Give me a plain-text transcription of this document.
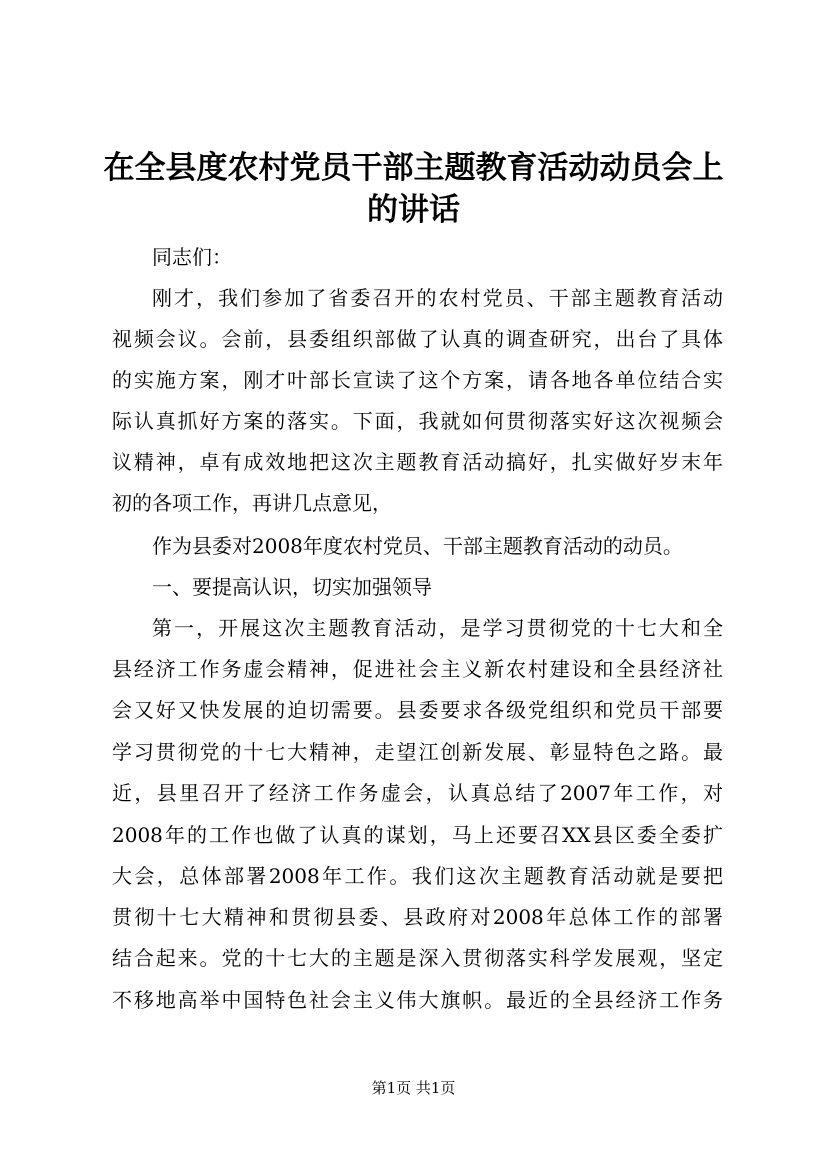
在全县度农村党员干部主题教育活动动员会上
的讲话
同志们：
刚才，我们参加了省委召开的农村党员、干部主题教育活动
视频会议。会前，县委组织部做了认真的调查研究，出台了具体
的实施方案，刚才叶部长宣读了这个方案，请各地各单位结合实
际认真抓好方案的落实。下面，我就如何贯彻落实好这次视频会
议精神，卓有成效地把这次主题教育活动搞好，扎实做好岁末年
初的各项工作，再讲几点意见，
作为县委对2008年度农村党员、干部主题教育活动的动员。
一、要提高认识，切实加强领导
第一，开展这次主题教育活动，是学习贯彻党的十七大和全
县经济工作务虚会精神，促进社会主义新农村建设和全县经济社
会又好又快发展的迫切需要。县委要求各级党组织和党员干部要
学习贯彻党的十七大精神，走望江创新发展、彰显特色之路。最
近，县里召开了经济工作务虚会，认真总结了2007年工作，对
2008年的工作也做了认真的谋划，马上还要召XX县区委全委扩
大会，总体部署2008年工作。我们这次主题教育活动就是要把
贯彻十七大精神和贯彻县委、县政府对2008年总体工作的部署
结合起来。党的十七大的主题是深入贯彻落实科学发展观，坚定
不移地高举中国特色社会主义伟大旗帜。最近的全县经济工作务
第1页 共1页
